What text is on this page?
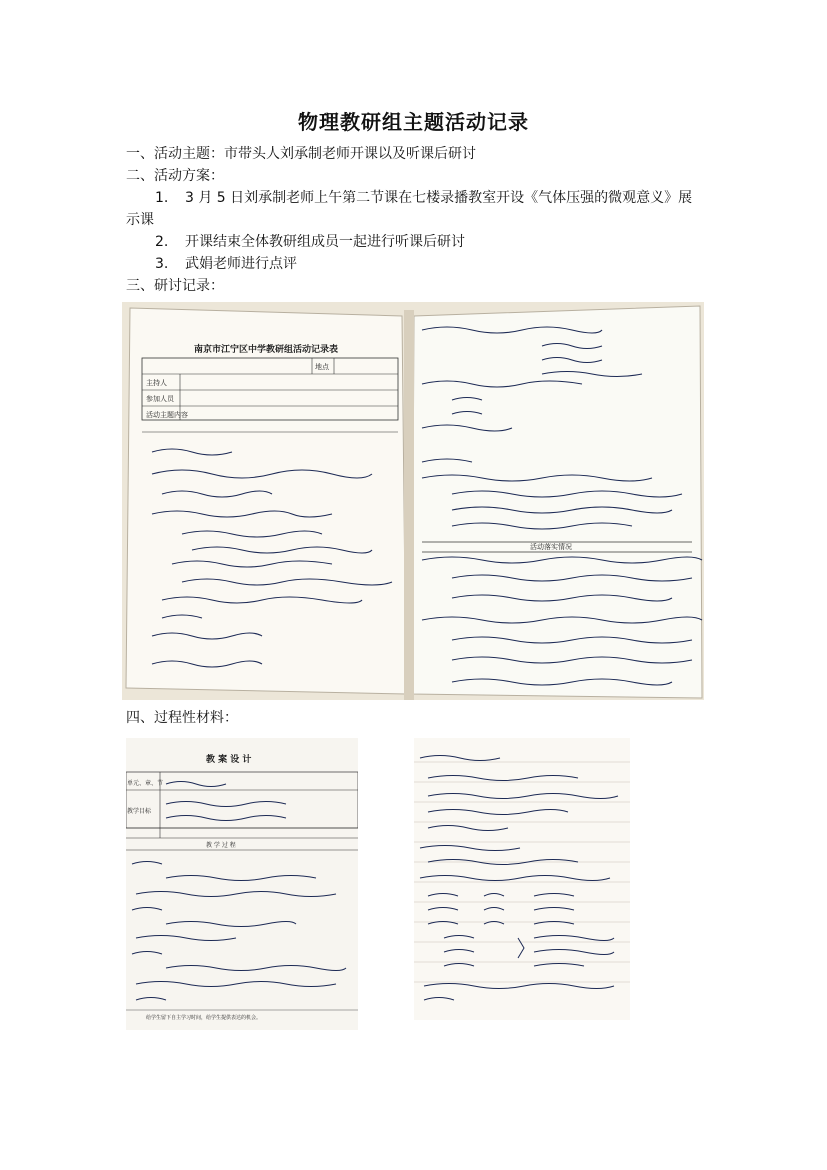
物理教研组主题活动记录
一、活动主题：市带头人刘承制老师开课以及听课后研讨
二、活动方案：
1. 3 月 5 日刘承制老师上午第二节课在七楼录播教室开设《气体压强的微观意义》展
示课
2. 开课结束全体教研组成员一起进行听课后研讨
3. 武娟老师进行点评
三、研讨记录：
南京市江宁区中学教研组活动记录表
主持人
参加人员
活动主题内容
地点
活动落实情况
四、过程性材料：
教 案 设 计
单元、章、节
教学目标
教 学 过 程
给学生留下自主学习时间，给学生提供表达的机会。
